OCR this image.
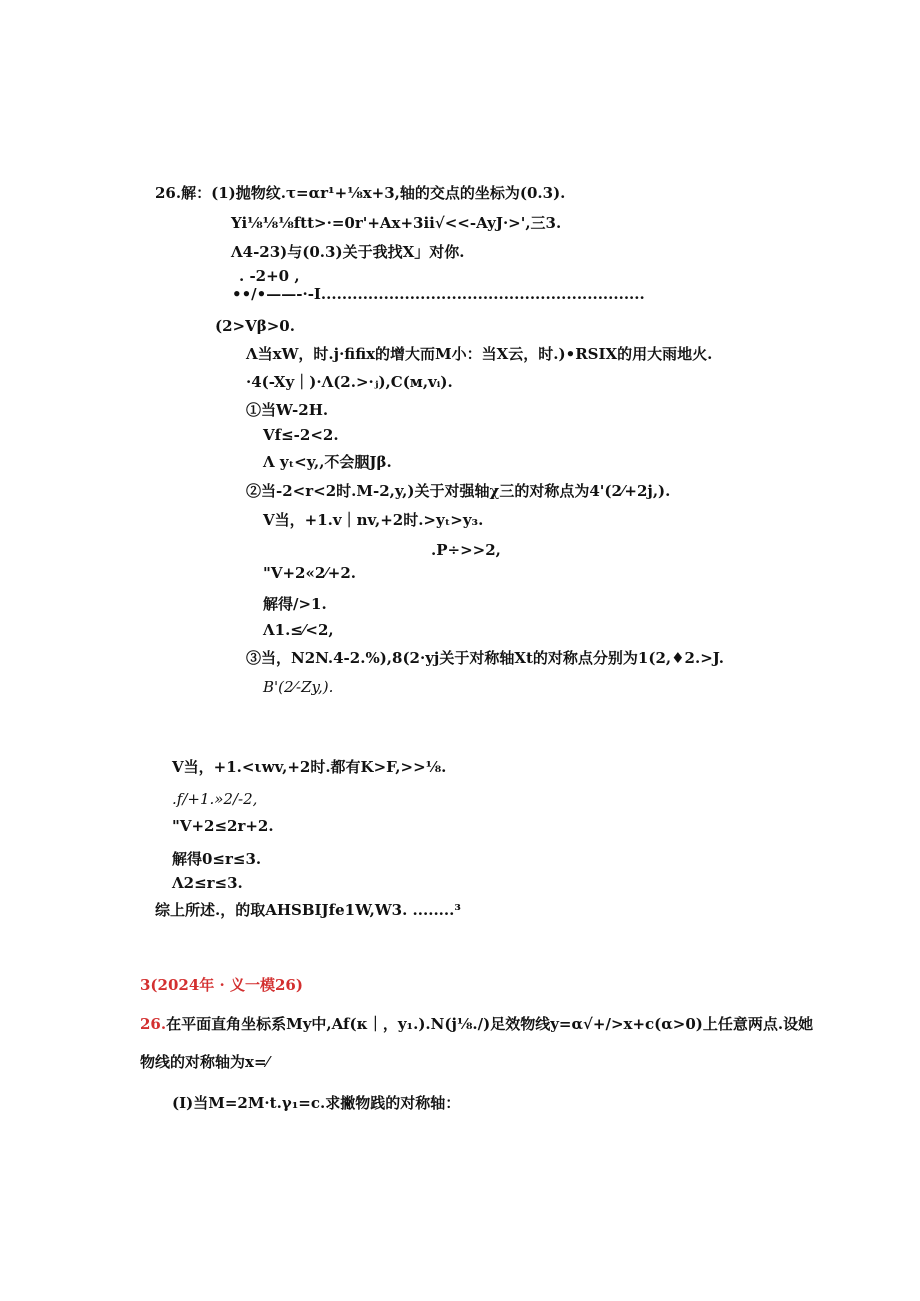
26.解：(1)抛物纹.τ=αr¹+⅛x+3,轴的交点的坐标为(0.3).
Yi⅛⅛⅛ftt>·=0r'+Ax+3ii√<<-AyJ·>',三3.
Λ4-23)与(0.3)关于我找X」对你.
. -2+0 ,
••/•——-·-I..............................................................
(2>Vβ>0.
Λ当xW，时.j·fifix的增大而M小：当X云，时.)•RSIX的用大雨地火.
·4(-Xy｜)·Λ(2.>·ⱼ),C(м,vᵢ).
①当W-2H.
Vf≤-2<2.
Λ yₜ<y,,不会胭Jβ.
②当-2<r<2时.M-2,y,)关于对强轴χ三的对称点为4'(2⁄+2j,).
V当，+1.v｜nv,+2时.>yₜ>y₃.
.P÷>>2,
"V+2«2⁄+2.
解得/>1.
Λ1.≤⁄<2,
③当，N2N.4-2.%),8(2·yj关于对称轴Xt的对称点分别为1(2,♦2.>J.
B'(2⁄-Zy,).
V当，+1.<ιwv,+2时.都有K>F,>>⅛.
.f/+1.»2/-2,
"V+2≤2r+2.
解得0≤r≤3.
Λ2≤r≤3.
综上所述.，的取AHSBIJfe1W,W3. ........³
3(2024年 · 义一模26)
26.在平面直角坐标系My中,Af(κ｜，y₁.).N(j⅛./)足效物线y=α√+/>x+c(α>0)上任意两点.设她
物线的对称轴为x=⁄
(I)当M=2M·t.γ₁=c.求撇物践的对称轴：
